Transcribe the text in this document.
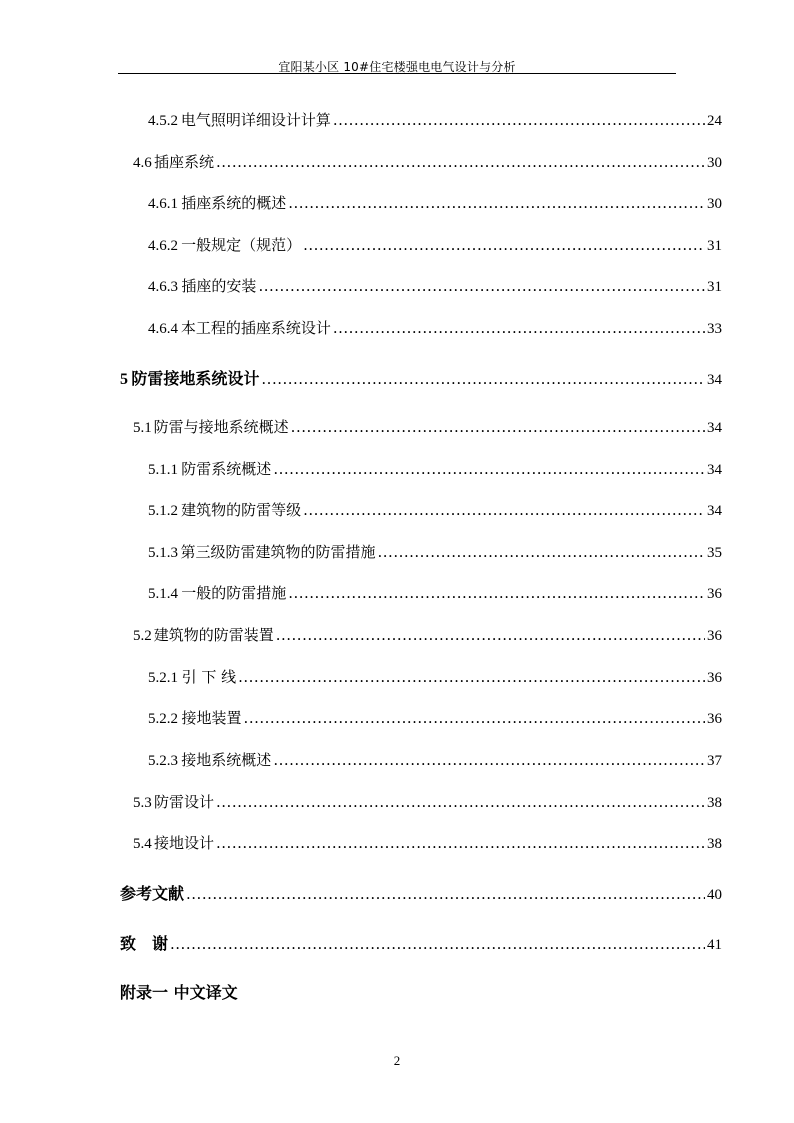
宜阳某小区 10#住宅楼强电电气设计与分析
4.5.2 电气照明详细设计计算 .....	24
4.6 插座系统 .....	30
4.6.1 插座系统的概述 .....	30
4.6.2 一般规定（规范） .....	31
4.6.3 插座的安装 .....	31
4.6.4 本工程的插座系统设计 .....	33
5 防雷接地系统设计 .....	34
5.1 防雷与接地系统概述 .....	34
5.1.1 防雷系统概述 .....	34
5.1.2 建筑物的防雷等级 .....	34
5.1.3 第三级防雷建筑物的防雷措施 .....	35
5.1.4 一般的防雷措施 .....	36
5.2 建筑物的防雷装置 .....	36
5.2.1 引 下 线 .....	36
5.2.2 接地装置 .....	36
5.2.3 接地系统概述 .....	37
5.3 防雷设计 .....	38
5.4 接地设计 .....	38
参考文献 .....	40
致　谢 .....	41
附录一 中文译文
2
